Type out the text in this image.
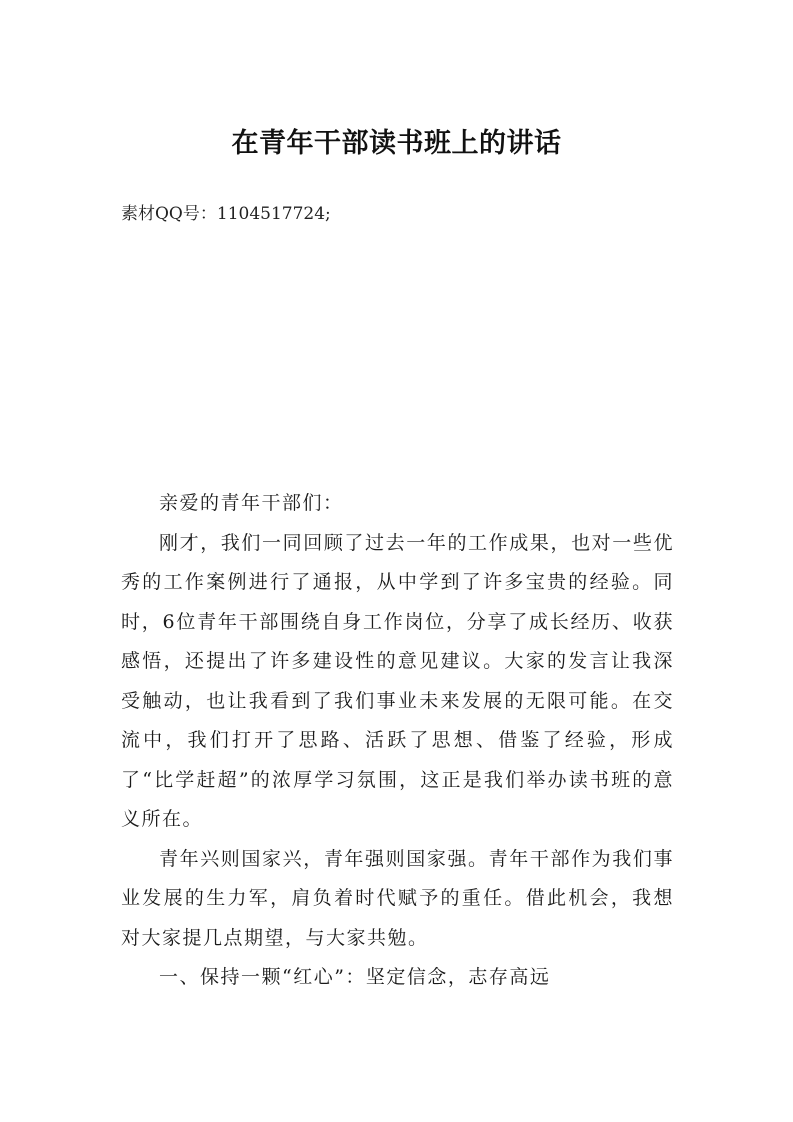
在青年干部读书班上的讲话
素材QQ号：1104517724;

亲爱的青年干部们：

刚才，我们一同回顾了过去一年的工作成果，也对一些优秀的工作案例进行了通报，从中学到了许多宝贵的经验。同时，6位青年干部围绕自身工作岗位，分享了成长经历、收获感悟，还提出了许多建设性的意见建议。大家的发言让我深受触动，也让我看到了我们事业未来发展的无限可能。在交流中，我们打开了思路、活跃了思想、借鉴了经验，形成了“比学赶超”的浓厚学习氛围，这正是我们举办读书班的意义所在。

青年兴则国家兴，青年强则国家强。青年干部作为我们事业发展的生力军，肩负着时代赋予的重任。借此机会，我想对大家提几点期望，与大家共勉。

一、保持一颗“红心”：坚定信念，志存高远
